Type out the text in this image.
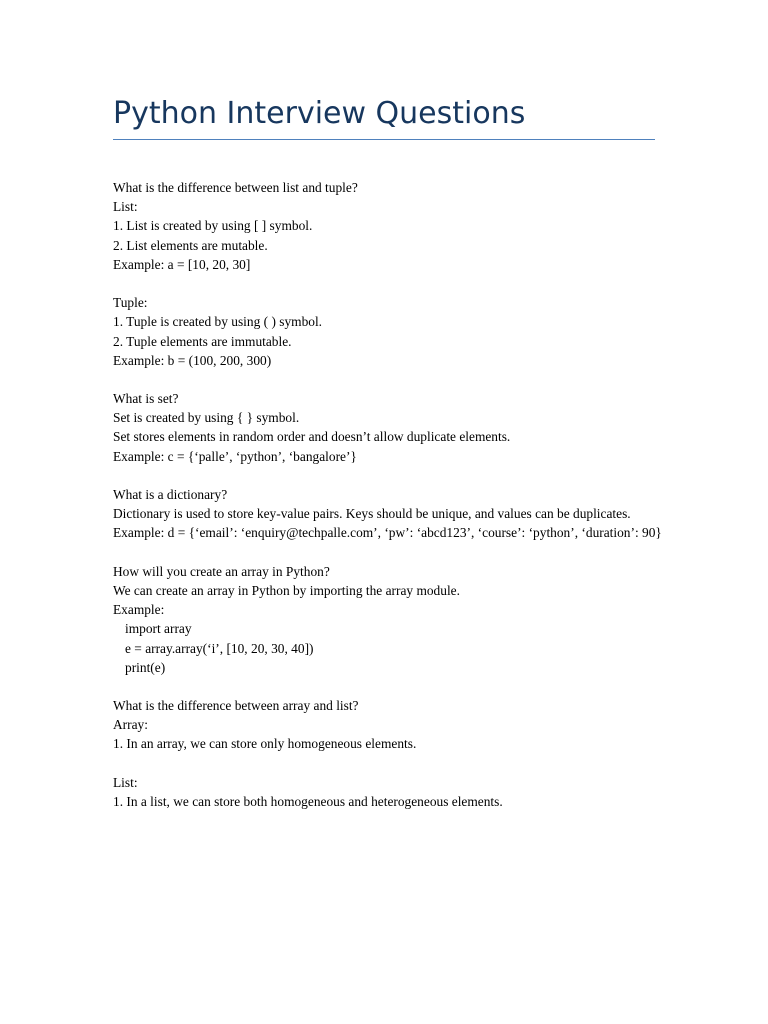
Python Interview Questions
What is the difference between list and tuple?
List:
1. List is created by using [ ] symbol.
2. List elements are mutable.
Example: a = [10, 20, 30]
Tuple:
1. Tuple is created by using ( ) symbol.
2. Tuple elements are immutable.
Example: b = (100, 200, 300)
What is set?
Set is created by using { } symbol.
Set stores elements in random order and doesn’t allow duplicate elements.
Example: c = {‘palle’, ‘python’, ‘bangalore’}
What is a dictionary?
Dictionary is used to store key-value pairs. Keys should be unique, and values can be duplicates.
Example: d = {‘email’: ‘enquiry@techpalle.com’, ‘pw’: ‘abcd123’, ‘course’: ‘python’, ‘duration’: 90}
How will you create an array in Python?
We can create an array in Python by importing the array module.
Example:
import array
e = array.array(‘i’, [10, 20, 30, 40])
print(e)
What is the difference between array and list?
Array:
1. In an array, we can store only homogeneous elements.
List:
1. In a list, we can store both homogeneous and heterogeneous elements.
